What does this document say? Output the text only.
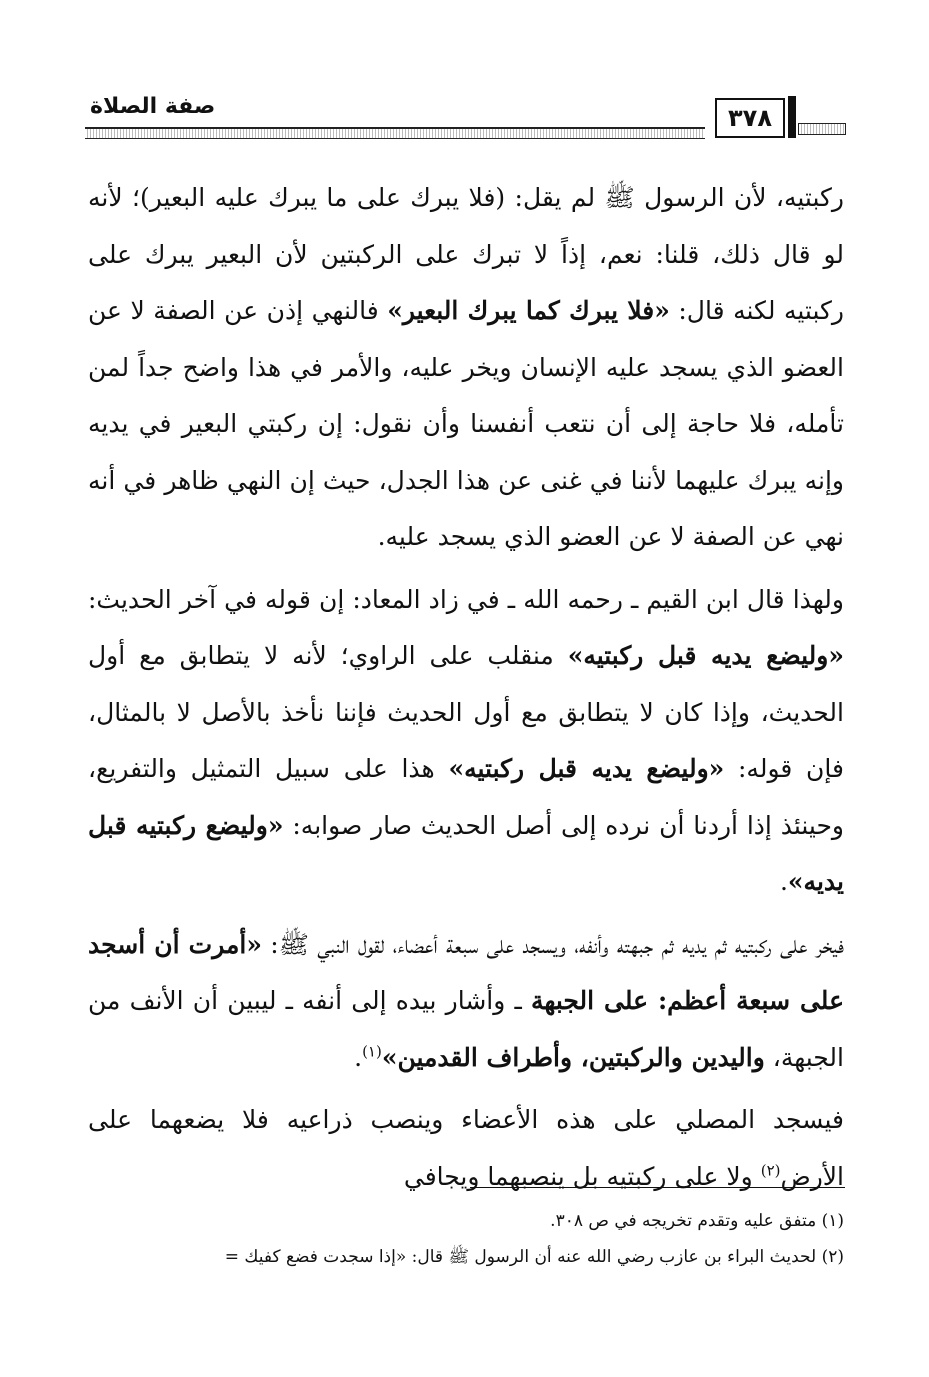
صفة الصلاة	٣٧٨

ركبتيه، لأن الرسول ﷺ لم يقل: (فلا يبرك على ما يبرك عليه البعير)؛ لأنه لو قال ذلك، قلنا: نعم، إذاً لا تبرك على الركبتين لأن البعير يبرك على ركبتيه لكنه قال: «فلا يبرك كما يبرك البعير» فالنهي إذن عن الصفة لا عن العضو الذي يسجد عليه الإنسان ويخر عليه، والأمر في هذا واضح جداً لمن تأمله، فلا حاجة إلى أن نتعب أنفسنا وأن نقول: إن ركبتي البعير في يديه وإنه يبرك عليهما لأننا في غنى عن هذا الجدل، حيث إن النهي ظاهر في أنه نهي عن الصفة لا عن العضو الذي يسجد عليه.

ولهذا قال ابن القيم ـ رحمه الله ـ في زاد المعاد: إن قوله في آخر الحديث: «وليضع يديه قبل ركبتيه» منقلب على الراوي؛ لأنه لا يتطابق مع أول الحديث، وإذا كان لا يتطابق مع أول الحديث فإننا نأخذ بالأصل لا بالمثال، فإن قوله: «وليضع يديه قبل ركبتيه» هذا على سبيل التمثيل والتفريع، وحينئذ إذا أردنا أن نرده إلى أصل الحديث صار صوابه: «وليضع ركبتيه قبل يديه».

فيخر على ركبتيه ثم يديه ثم جبهته وأنفه، ويسجد على سبعة أعضاء، لقول النبي ﷺ: «أمرت أن أسجد على سبعة أعظم: على الجبهة ـ وأشار بيده إلى أنفه ـ ليبين أن الأنف من الجبهة، واليدين والركبتين، وأطراف القدمين»$^{(١)}$.

فيسجد المصلي على هذه الأعضاء وينصب ذراعيه فلا يضعهما على الأرض$^{(٢)}$ ولا على ركبتيه بل ينصبهما ويجافي

(١) متفق عليه وتقدم تخريجه في ص ٣٠٨.

(٢) لحديث البراء بن عازب رضي الله عنه أن الرسول ﷺ قال: «إذا سجدت فضع كفيك =
